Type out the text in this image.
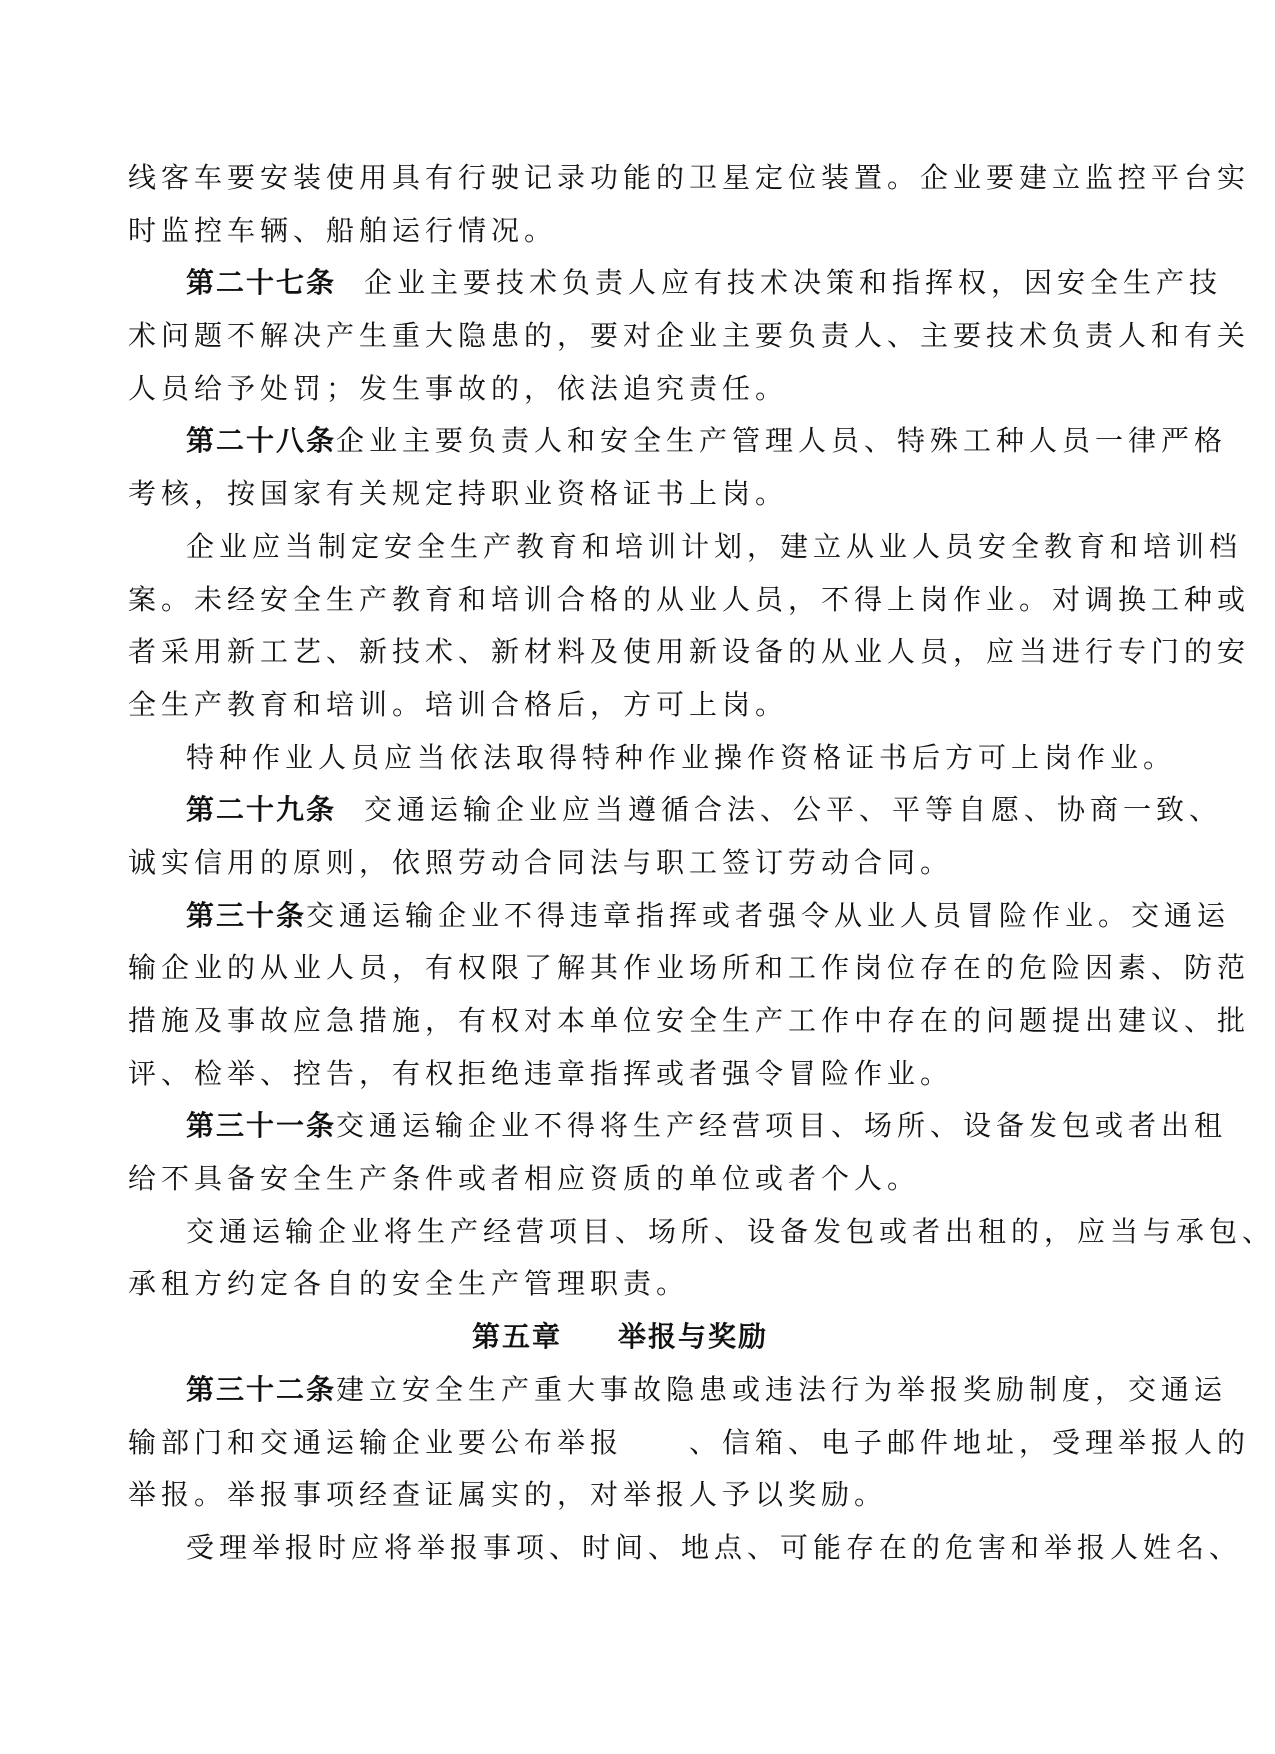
线客车要安装使用具有行驶记录功能的卫星定位装置。企业要建立监控平台实
时监控车辆、船舶运行情况。
第二十七条 企业主要技术负责人应有技术决策和指挥权，因安全生产技
术问题不解决产生重大隐患的，要对企业主要负责人、主要技术负责人和有关
人员给予处罚；发生事故的，依法追究责任。
第二十八条企业主要负责人和安全生产管理人员、特殊工种人员一律严格
考核，按国家有关规定持职业资格证书上岗。
企业应当制定安全生产教育和培训计划，建立从业人员安全教育和培训档
案。未经安全生产教育和培训合格的从业人员，不得上岗作业。对调换工种或
者采用新工艺、新技术、新材料及使用新设备的从业人员，应当进行专门的安
全生产教育和培训。培训合格后，方可上岗。
特种作业人员应当依法取得特种作业操作资格证书后方可上岗作业。
第二十九条 交通运输企业应当遵循合法、公平、平等自愿、协商一致、
诚实信用的原则，依照劳动合同法与职工签订劳动合同。
第三十条交通运输企业不得违章指挥或者强令从业人员冒险作业。交通运
输企业的从业人员，有权限了解其作业场所和工作岗位存在的危险因素、防范
措施及事故应急措施，有权对本单位安全生产工作中存在的问题提出建议、批
评、检举、控告，有权拒绝违章指挥或者强令冒险作业。
第三十一条交通运输企业不得将生产经营项目、场所、设备发包或者出租
给不具备安全生产条件或者相应资质的单位或者个人。
交通运输企业将生产经营项目、场所、设备发包或者出租的，应当与承包、
承租方约定各自的安全生产管理职责。
第五章 举报与奖励
第三十二条建立安全生产重大事故隐患或违法行为举报奖励制度，交通运
输部门和交通运输企业要公布举报　　、信箱、电子邮件地址，受理举报人的
举报。举报事项经查证属实的，对举报人予以奖励。
受理举报时应将举报事项、时间、地点、可能存在的危害和举报人姓名、
